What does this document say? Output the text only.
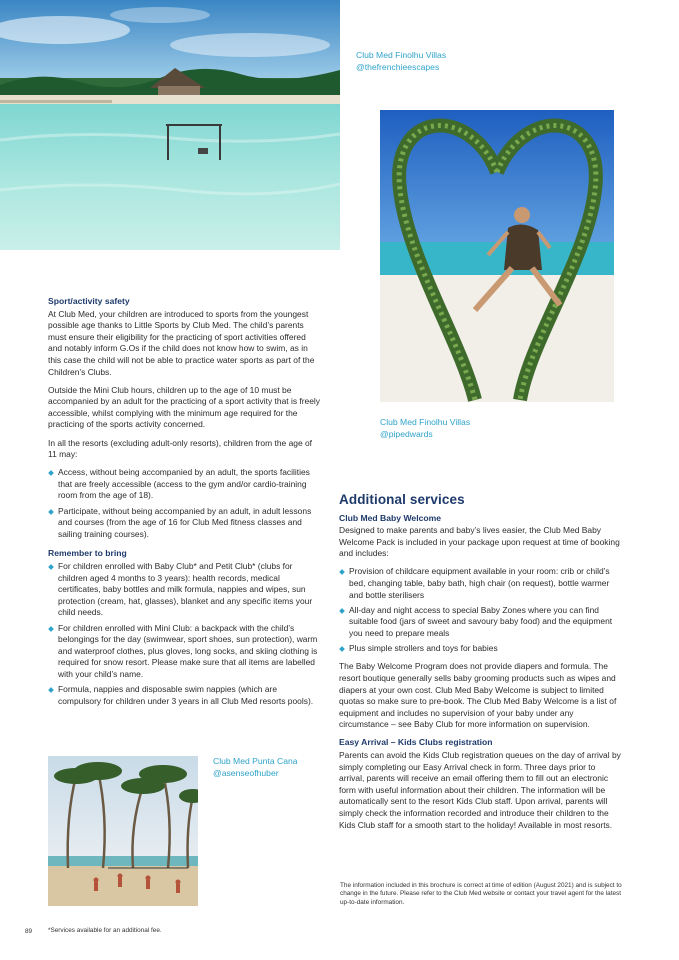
Club Med Finolhu Villas
@thefrenchieescapes
Club Med Finolhu Villas
@pipedwards
Sport/activity safety

At Club Med, your children are introduced to sports from the youngest possible age thanks to Little Sports by Club Med. The child’s parents must ensure their eligibility for the practicing of sport activities offered and notably inform G.Os if the child does not know how to swim, as in this case the child will not be able to practice water sports as part of the Children’s Clubs.

Outside the Mini Club hours, children up to the age of 10 must be accompanied by an adult for the practicing of a sport activity that is freely accessible, whilst complying with the minimum age required for the practicing of the sports activity concerned.

In all the resorts (excluding adult-only resorts), children from the age of 11 may:

Access, without being accompanied by an adult, the sports facilities that are freely accessible (access to the gym and/or cardio-training room from the age of 18).
Participate, without being accompanied by an adult, in adult lessons and courses (from the age of 16 for Club Med fitness classes and sailing training courses).
Remember to bring
For children enrolled with Baby Club* and Petit Club* (clubs for children aged 4 months to 3 years): health records, medical certificates, baby bottles and milk formula, nappies and wipes, sun protection (cream, hat, glasses), blanket and any specific items your child needs.
For children enrolled with Mini Club: a backpack with the child’s belongings for the day (swimwear, sport shoes, sun protection), warm and waterproof clothes, plus gloves, long socks, and skiing clothing is required for snow resort. Please make sure that all items are labelled with your child’s name.
Formula, nappies and disposable swim nappies (which are compulsory for children under 3 years in all Club Med resorts pools).
Club Med Punta Cana
@asenseofhuber
Additional services
Club Med Baby Welcome

Designed to make parents and baby’s lives easier, the Club Med Baby Welcome Pack is included in your package upon request at time of booking and includes:

Provision of childcare equipment available in your room: crib or child’s bed, changing table, baby bath, high chair (on request), bottle warmer and bottle sterilisers
All-day and night access to special Baby Zones where you can find suitable food (jars of sweet and savoury baby food) and the equipment you need to prepare meals
Plus simple strollers and toys for babies

The Baby Welcome Program does not provide diapers and formula. The resort boutique generally sells baby grooming products such as wipes and diapers at your own cost. Club Med Baby Welcome is subject to limited quotas so make sure to pre-book. The Club Med Baby Welcome is a list of equipment and includes no supervision of your baby under any circumstance – see Baby Club for more information on supervision.

Easy Arrival – Kids Clubs registration

Parents can avoid the Kids Club registration queues on the day of arrival by simply completing our Easy Arrival check in form. Three days prior to arrival, parents will receive an email offering them to fill out an electronic form with useful information about their children. The information will be automatically sent to the resort Kids Club staff. Upon arrival, parents will simply check the information recorded and introduce their children to the Kids Club staff for a smooth start to the holiday! Available in most resorts.

The information included in this brochure is correct at time of edition (August 2021) and is subject to change in the future. Please refer to the Club Med website or contact your travel agent for the latest up-to-date information.
89 *Services available for an additional fee.
